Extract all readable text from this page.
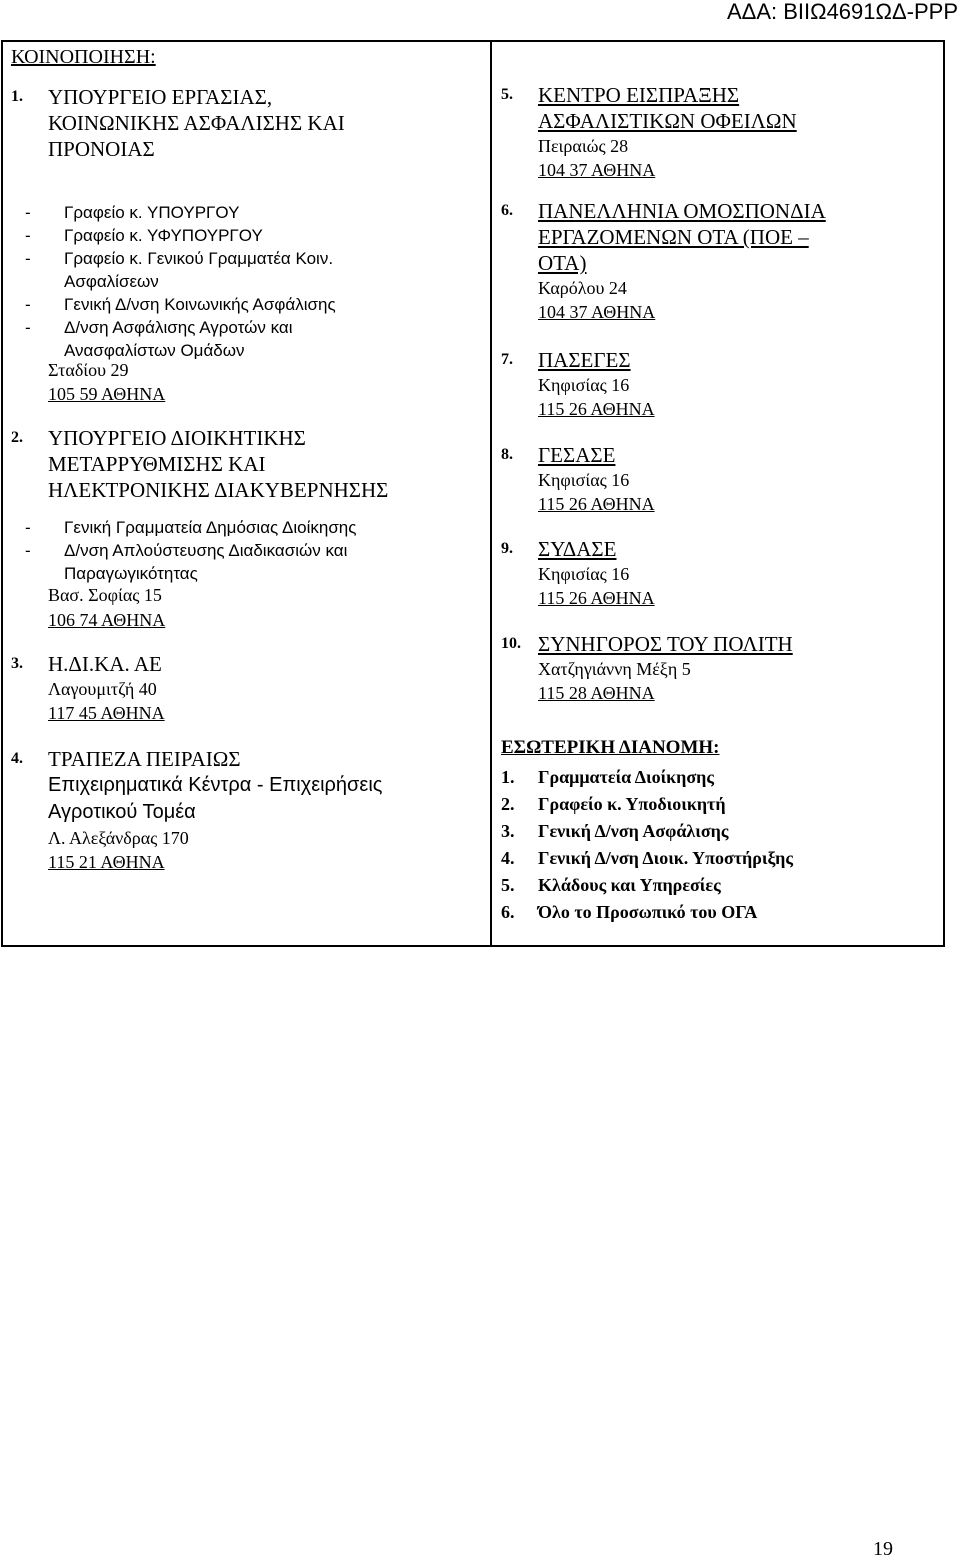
ΑΔΑ: ΒΙΙΩ4691ΩΔ-ΡΡΡ
ΚΟΙΝΟΠΟΙΗΣΗ:
1. ΥΠΟΥΡΓΕΙΟ ΕΡΓΑΣΙΑΣ,
ΚΟΙΝΩΝΙΚΗΣ ΑΣΦΑΛΙΣΗΣ ΚΑΙ
ΠΡΟΝΟΙΑΣ
- Γραφείο κ. ΥΠΟΥΡΓΟΥ
- Γραφείο κ. ΥΦΥΠΟΥΡΓΟΥ
- Γραφείο κ. Γενικού Γραμματέα Κοιν.
Ασφαλίσεων
- Γενική Δ/νση Κοινωνικής Ασφάλισης
- Δ/νση Ασφάλισης Αγροτών και
Ανασφαλίστων Ομάδων
Σταδίου 29
105 59 ΑΘΗΝΑ
2. ΥΠΟΥΡΓΕΙΟ ΔΙΟΙΚΗΤΙΚΗΣ
ΜΕΤΑΡΡΥΘΜΙΣΗΣ ΚΑΙ
ΗΛΕΚΤΡΟΝΙΚΗΣ ΔΙΑΚΥΒΕΡΝΗΣΗΣ
- Γενική Γραμματεία Δημόσιας Διοίκησης
- Δ/νση Απλούστευσης Διαδικασιών και
Παραγωγικότητας
Βασ. Σοφίας 15
106 74 ΑΘΗΝΑ
3. Η.ΔΙ.ΚΑ. ΑΕ
Λαγουμιτζή 40
117 45 ΑΘΗΝΑ
4. ΤΡΑΠΕΖΑ ΠΕΙΡΑΙΩΣ
Επιχειρηματικά Κέντρα - Επιχειρήσεις
Αγροτικού Τομέα
Λ. Αλεξάνδρας 170
115 21 ΑΘΗΝΑ
5. ΚΕΝΤΡΟ ΕΙΣΠΡΑΞΗΣ
ΑΣΦΑΛΙΣΤΙΚΩΝ ΟΦΕΙΛΩΝ
Πειραιώς 28
104 37 ΑΘΗΝΑ
6. ΠΑΝΕΛΛΗΝΙΑ ΟΜΟΣΠΟΝΔΙΑ
ΕΡΓΑΖΟΜΕΝΩΝ ΟΤΑ (ΠΟΕ –
ΟΤΑ)
Καρόλου 24
104 37 ΑΘΗΝΑ
7. ΠΑΣΕΓΕΣ
Κηφισίας 16
115 26 ΑΘΗΝΑ
8. ΓΕΣΑΣΕ
Κηφισίας 16
115 26 ΑΘΗΝΑ
9. ΣΥΔΑΣΕ
Κηφισίας 16
115 26 ΑΘΗΝΑ
10. ΣΥΝΗΓΟΡΟΣ ΤΟΥ ΠΟΛΙΤΗ
Χατζηγιάννη Μέξη 5
115 28 ΑΘΗΝΑ
ΕΣΩΤΕΡΙΚΗ ΔΙΑΝΟΜΗ:
1. Γραμματεία Διοίκησης
2. Γραφείο κ. Υποδιοικητή
3. Γενική Δ/νση Ασφάλισης
4. Γενική Δ/νση Διοικ. Υποστήριξης
5. Κλάδους και Υπηρεσίες
6. Όλο το Προσωπικό του ΟΓΑ
19
